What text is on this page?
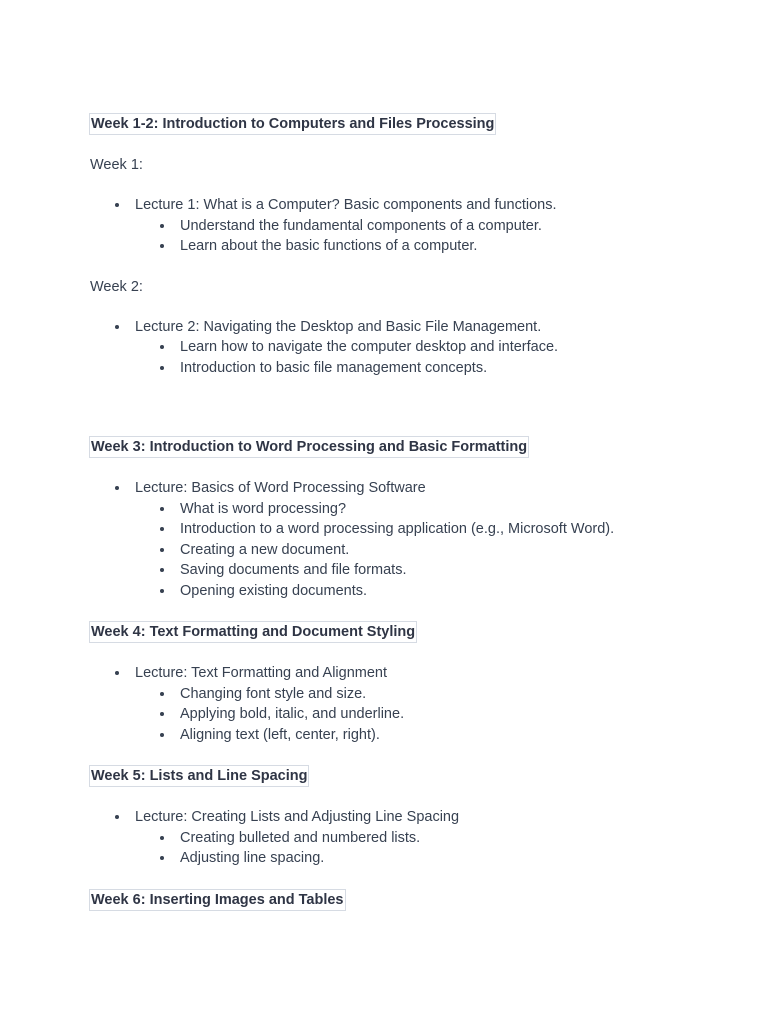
Week 1-2: Introduction to Computers and Files Processing

Week 1:

Lecture 1: What is a Computer? Basic components and functions.
Understand the fundamental components of a computer.
Learn about the basic functions of a computer.

Week 2:

Lecture 2: Navigating the Desktop and Basic File Management.
Learn how to navigate the computer desktop and interface.
Introduction to basic file management concepts.
Week 3: Introduction to Word Processing and Basic Formatting
Lecture: Basics of Word Processing Software
What is word processing?
Introduction to a word processing application (e.g., Microsoft Word).
Creating a new document.
Saving documents and file formats.
Opening existing documents.
Week 4: Text Formatting and Document Styling
Lecture: Text Formatting and Alignment
Changing font style and size.
Applying bold, italic, and underline.
Aligning text (left, center, right).
Week 5: Lists and Line Spacing
Lecture: Creating Lists and Adjusting Line Spacing
Creating bulleted and numbered lists.
Adjusting line spacing.
Week 6: Inserting Images and Tables
